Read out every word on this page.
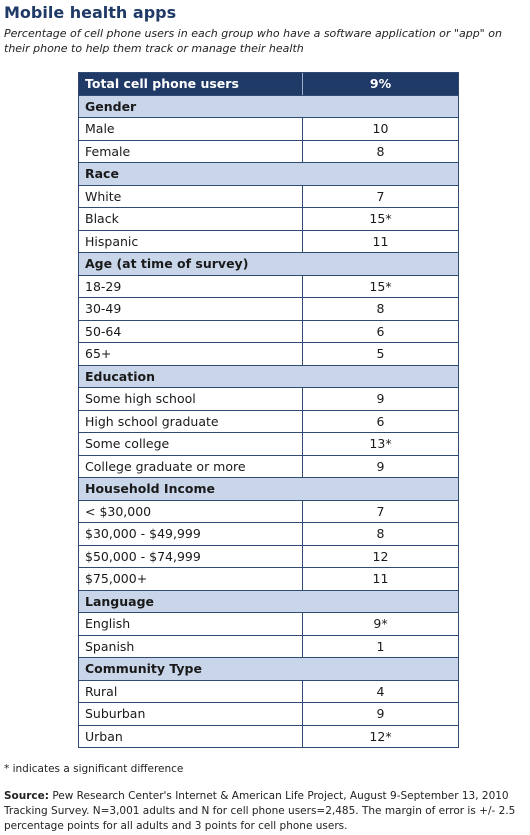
Mobile health apps
Percentage of cell phone users in each group who have a software application or "app" on their phone to help them track or manage their health
Total cell phone users	9%
Gender
Male	10
Female	8
Race
White	7
Black	15*
Hispanic	11
Age (at time of survey)
18-29	15*
30-49	8
50-64	6
65+	5
Education
Some high school	9
High school graduate	6
Some college	13*
College graduate or more	9
Household Income
< $30,000	7
$30,000 - $49,999	8
$50,000 - $74,999	12
$75,000+	11
Language
English	9*
Spanish	1
Community Type
Rural	4
Suburban	9
Urban	12*
* indicates a significant difference
Source: Pew Research Center's Internet & American Life Project, August 9-September 13, 2010 Tracking Survey. N=3,001 adults and N for cell phone users=2,485. The margin of error is +/- 2.5 percentage points for all adults and 3 points for cell phone users.
